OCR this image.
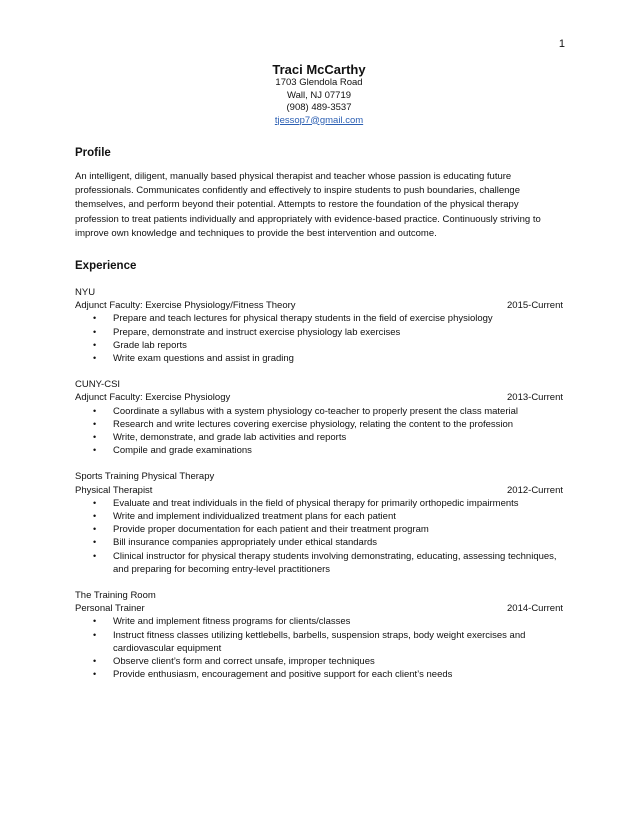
1
Traci McCarthy
1703 Glendola Road
Wall, NJ 07719
(908) 489-3537
tjessop7@gmail.com
Profile

An intelligent, diligent, manually based physical therapist and teacher whose passion is educating future professionals. Communicates confidently and effectively to inspire students to push boundaries, challenge themselves, and perform beyond their potential. Attempts to restore the foundation of the physical therapy profession to treat patients individually and appropriately with evidence-based practice. Continuously striving to improve own knowledge and techniques to provide the best intervention and outcome.

Experience
NYU
Adjunct Faculty: Exercise Physiology/Fitness Theory	2015-Current
• Prepare and teach lectures for physical therapy students in the field of exercise physiology
• Prepare, demonstrate and instruct exercise physiology lab exercises
• Grade lab reports
• Write exam questions and assist in grading
CUNY-CSI
Adjunct Faculty: Exercise Physiology	2013-Current
• Coordinate a syllabus with a system physiology co-teacher to properly present the class material
• Research and write lectures covering exercise physiology, relating the content to the profession
• Write, demonstrate, and grade lab activities and reports
• Compile and grade examinations
Sports Training Physical Therapy
Physical Therapist	2012-Current
• Evaluate and treat individuals in the field of physical therapy for primarily orthopedic impairments
• Write and implement individualized treatment plans for each patient
• Provide proper documentation for each patient and their treatment program
• Bill insurance companies appropriately under ethical standards
• Clinical instructor for physical therapy students involving demonstrating, educating, assessing techniques, and preparing for becoming entry-level practitioners
The Training Room
Personal Trainer	2014-Current
• Write and implement fitness programs for clients/classes
• Instruct fitness classes utilizing kettlebells, barbells, suspension straps, body weight exercises and cardiovascular equipment
• Observe client’s form and correct unsafe, improper techniques
• Provide enthusiasm, encouragement and positive support for each client’s needs
